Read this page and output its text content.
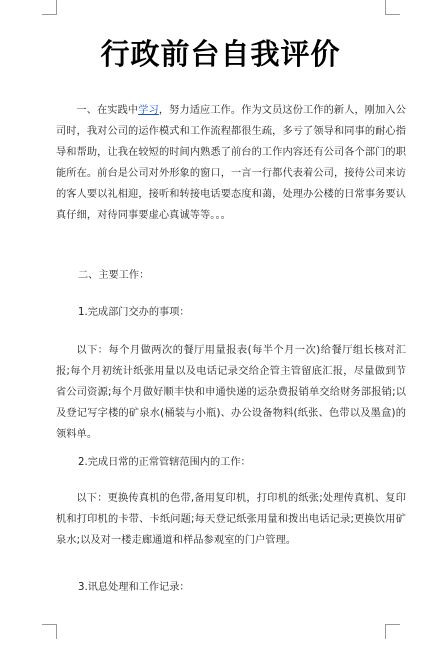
行政前台自我评价

一、在实践中学习，努力适应工作。作为文员这份工作的新人，刚加入公司时，我对公司的运作模式和工作流程都很生疏，多亏了领导和同事的耐心指导和帮助，让我在较短的时间内熟悉了前台的工作内容还有公司各个部门的职能所在。前台是公司对外形象的窗口，一言一行都代表着公司，接待公司来访的客人要以礼相迎，接听和转接电话要态度和蔼，处理办公楼的日常事务要认真仔细，对待同事要虚心真诚等等。。。

二、主要工作：
1.完成部门交办的事项：

以下：每个月做两次的餐厅用量报表(每半个月一次)给餐厅组长核对汇报;每个月初统计纸张用量以及电话记录交给企管主管留底汇报，尽量做到节省公司资源;每个月做好顺丰快和申通快递的运杂费报销单交给财务部报销;以及登记写字楼的矿泉水(桶装与小瓶)、办公设备物料(纸张、色带以及墨盒)的领料单。

2.完成日常的正常管辖范围内的工作：

以下：更换传真机的色带,备用复印机，打印机的纸张;处理传真机、复印机和打印机的卡带、卡纸问题;每天登记纸张用量和拨出电话记录;更换饮用矿泉水;以及对一楼走廊通道和样品参观室的门户管理。

3.讯息处理和工作记录：
